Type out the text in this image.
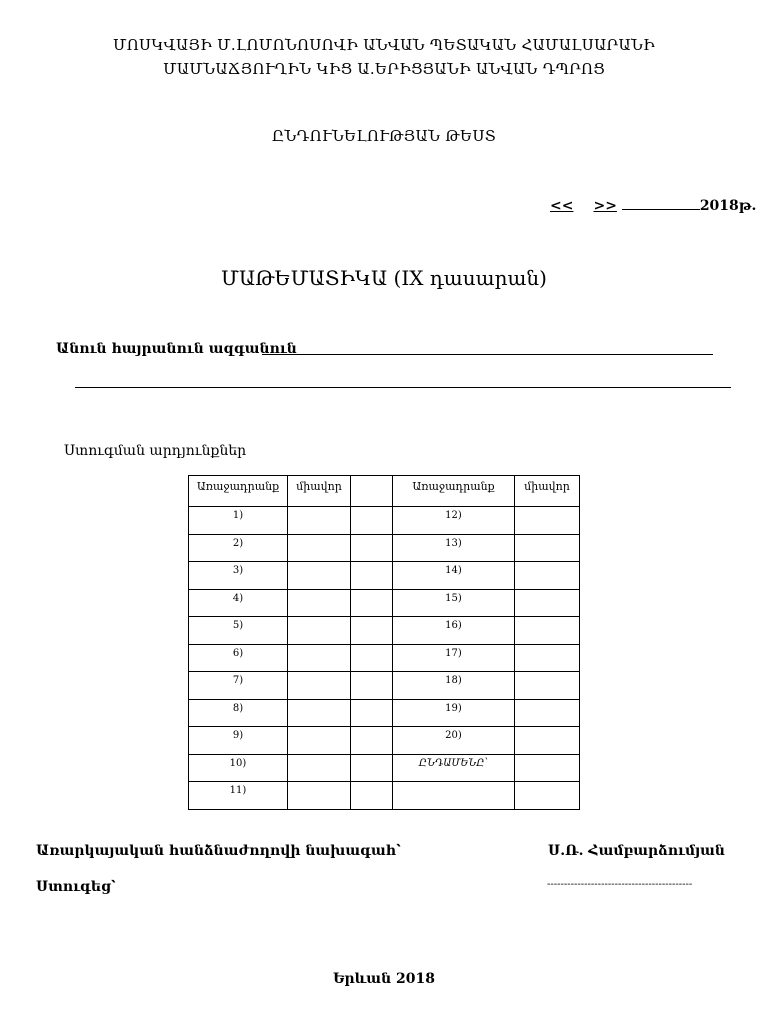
ՄՈՍԿՎԱՅԻ Մ.ԼՈՄՈՆՈՍՈՎԻ ԱՆՎԱՆ ՊԵՏԱԿԱՆ ՀԱՄԱԼՍԱՐԱՆԻ
ՄԱՄՆԱՃՅՈՒՂԻՆ ԿԻՑ Ա.ԵՐԻՑՅԱՆԻ ԱՆՎԱՆ ԴՊՐՈՑ
ԸՆԴՈՒՆԵԼՈՒԹՅԱՆ ԹԵՍՏ
<< >>	2018թ.
ՄԱԹԵՄԱՏԻԿԱ (IX դասարան)
Անուն հայրանուն ազգանուն
Ստուգման արդյունքներ
Առաջադրանք	միավոր		Առաջադրանք	միավոր
1)			12)	
2)			13)	
3)			14)	
4)			15)	
5)			16)	
6)			17)	
7)			18)	
8)			19)	
9)			20)	
10)			ԸՆԴԱՄԵՆԸ՝	
11)				
Առարկայական հանձնաժողովի նախագահ՝	Ս.Ռ. Համբարձումյան
Ստուգեց՝	-------------------------------------------
Երևան 2018
